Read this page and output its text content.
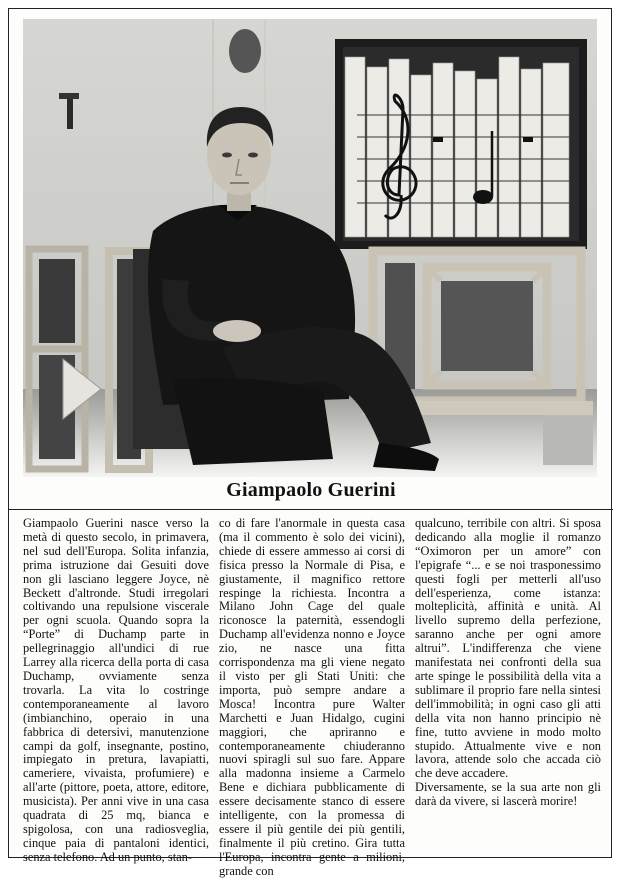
Giampaolo Guerini

Giampaolo Guerini nasce verso la metà di questo secolo, in primavera, nel sud dell'Europa. Solita infanzia, prima istruzione dai Gesuiti dove non gli lasciano leggere Joyce, nè Beckett d'altronde. Studi irregolari coltivando una repulsione viscerale per ogni scuola. Quando sopra la “Porte” di Duchamp parte in pellegrinaggio all'undici di rue Larrey alla ricerca della porta di casa Duchamp, ovviamente senza trovarla. La vita lo costringe contemporaneamente al lavoro (imbianchino, operaio in una fabbrica di detersivi, manutenzione campi da golf, insegnante, postino, impiegato in pretura, lavapiatti, cameriere, vivaista, profumiere) e all'arte (pittore, poeta, attore, editore, musicista). Per anni vive in una casa quadrata di 25 mq, bianca e spigolosa, con una radiosveglia, cinque paia di pantaloni identici, senza telefono. Ad un punto, stan-

co di fare l'anormale in questa casa (ma il commento è solo dei vicini), chiede di essere ammesso ai corsi di fisica presso la Normale di Pisa, e giustamente, il magnifico rettore respinge la richiesta. Incontra a Milano John Cage del quale riconosce la paternità, essendogli Duchamp all'evidenza nonno e Joyce zio, ne nasce una fitta corrispondenza ma gli viene negato il visto per gli Stati Uniti: che importa, può sempre andare a Mosca! Incontra pure Walter Marchetti e Juan Hidalgo, cugini maggiori, che apriranno e contemporaneamente chiuderanno nuovi spiragli sul suo fare. Appare alla madonna insieme a Carmelo Bene e dichiara pubblicamente di essere decisamente stanco di essere intelligente, con la promessa di essere il più gentile dei più gentili, finalmente il più cretino. Gira tutta l'Europa, incontra gente a milioni, grande con

qualcuno, terribile con altri. Si sposa dedicando alla moglie il romanzo “Oximoron per un amore” con l'epigrafe “... e se noi trasponessimo questi fogli per metterli all'uso dell'esperienza, come istanza: molteplicità, affinità e unità. Al livello supremo della perfezione, saranno anche per ogni amore altrui”. L'indifferenza che viene manifestata nei confronti della sua arte spinge le possibilità della vita a sublimare il proprio fare nella sintesi dell'immobilità; in ogni caso gli atti della vita non hanno principio nè fine, tutto avviene in modo molto stupido. Attualmente vive e non lavora, attende solo che accada ciò che deve accadere.

Diversamente, se la sua arte non gli darà da vivere, si lascerà morire!
